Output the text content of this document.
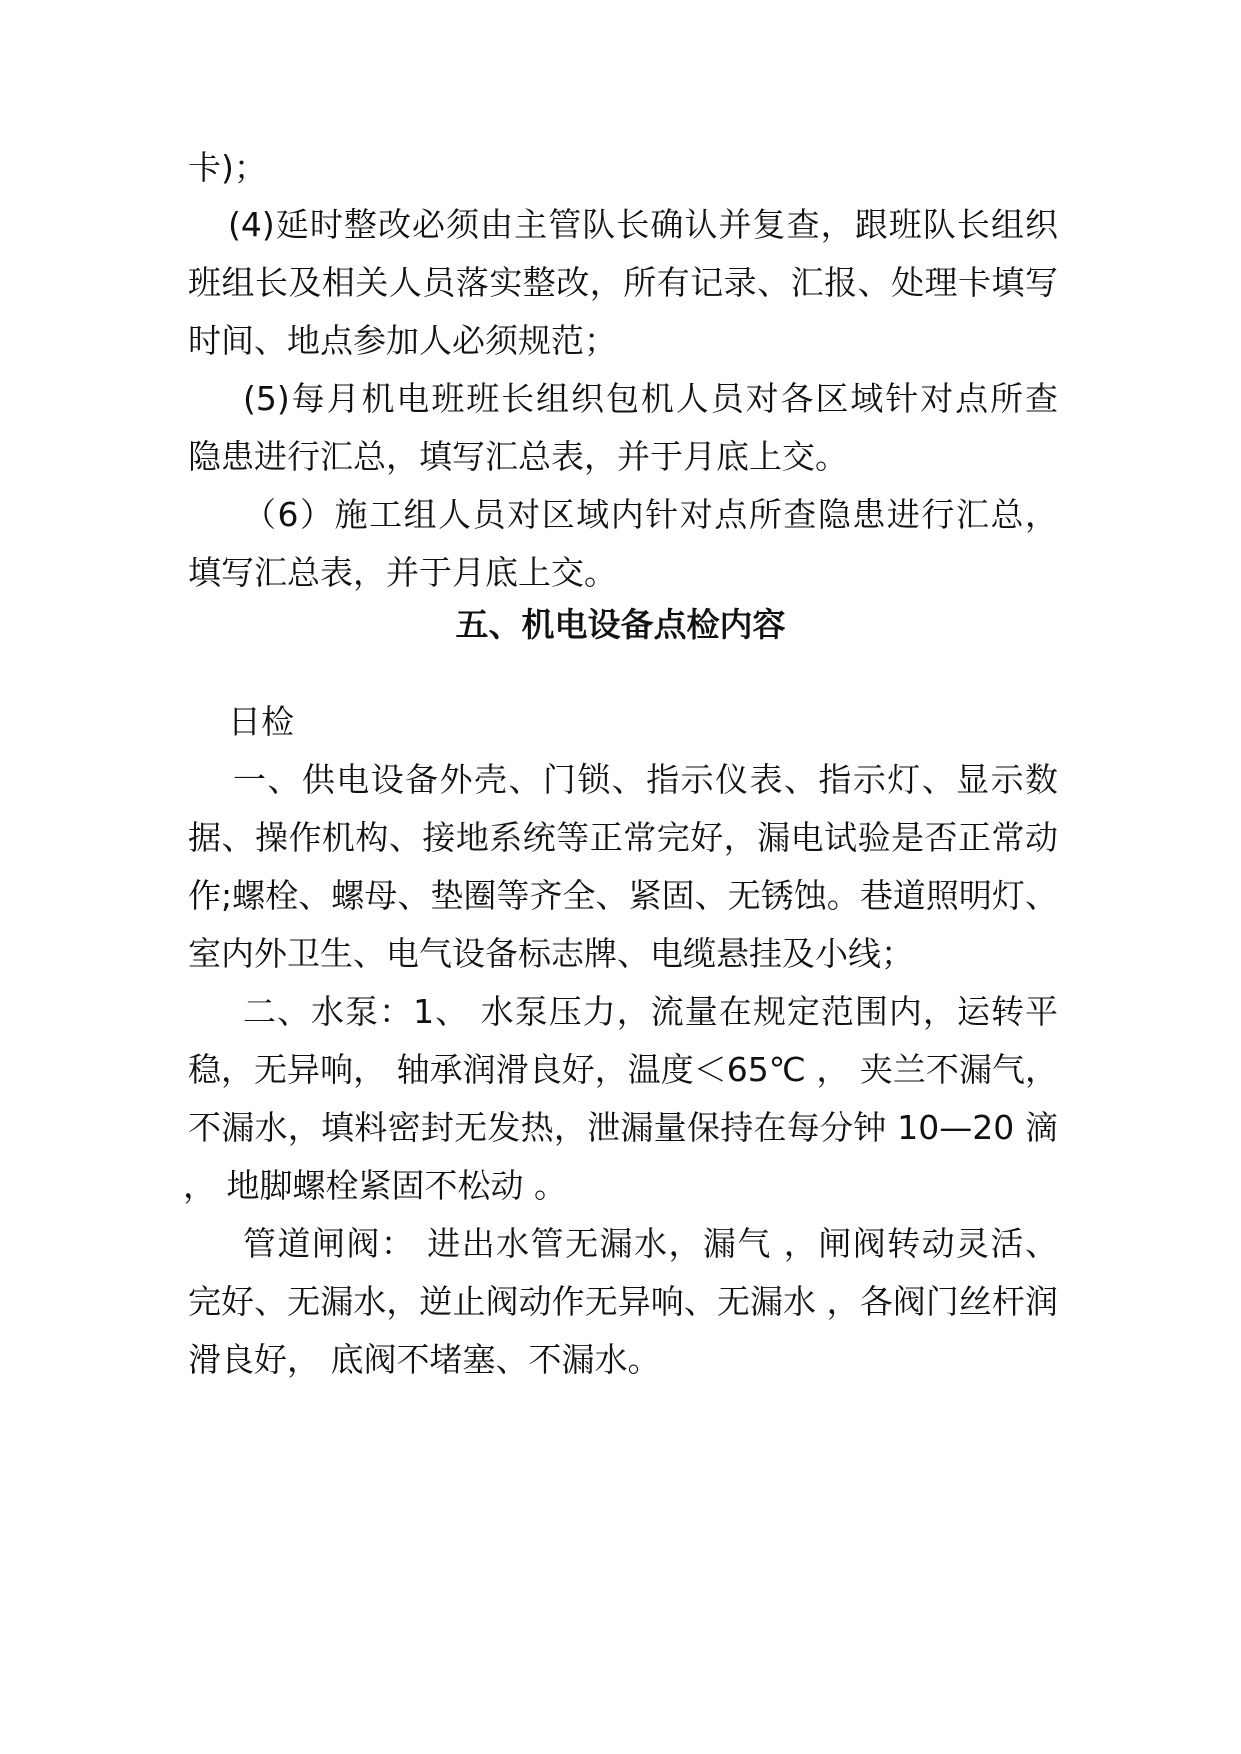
卡)；
(4)延时整改必须由主管队长确认并复查，跟班队长组织
班组长及相关人员落实整改，所有记录、汇报、处理卡填写
时间、地点参加人必须规范；
(5)每月机电班班长组织包机人员对各区域针对点所查
隐患进行汇总，填写汇总表，并于月底上交。
（6）施工组人员对区域内针对点所查隐患进行汇总，
填写汇总表，并于月底上交。
五、机电设备点检内容
日检
一、供电设备外壳、门锁、指示仪表、指示灯、显示数
据、操作机构、接地系统等正常完好，漏电试验是否正常动
作;螺栓、螺母、垫圈等齐全、紧固、无锈蚀。巷道照明灯、
室内外卫生、电气设备标志牌、电缆悬挂及小线；
二、水泵：1、 水泵压力，流量在规定范围内，运转平
稳，无异响， 轴承润滑良好，温度＜65℃ ， 夹兰不漏气，
不漏水，填料密封无发热，泄漏量保持在每分钟 10—20 滴
， 地脚螺栓紧固不松动 。
管道闸阀： 进出水管无漏水，漏气 ，闸阀转动灵活、
完好、无漏水，逆止阀动作无异响、无漏水 ，各阀门丝杆润
滑良好， 底阀不堵塞、不漏水。
